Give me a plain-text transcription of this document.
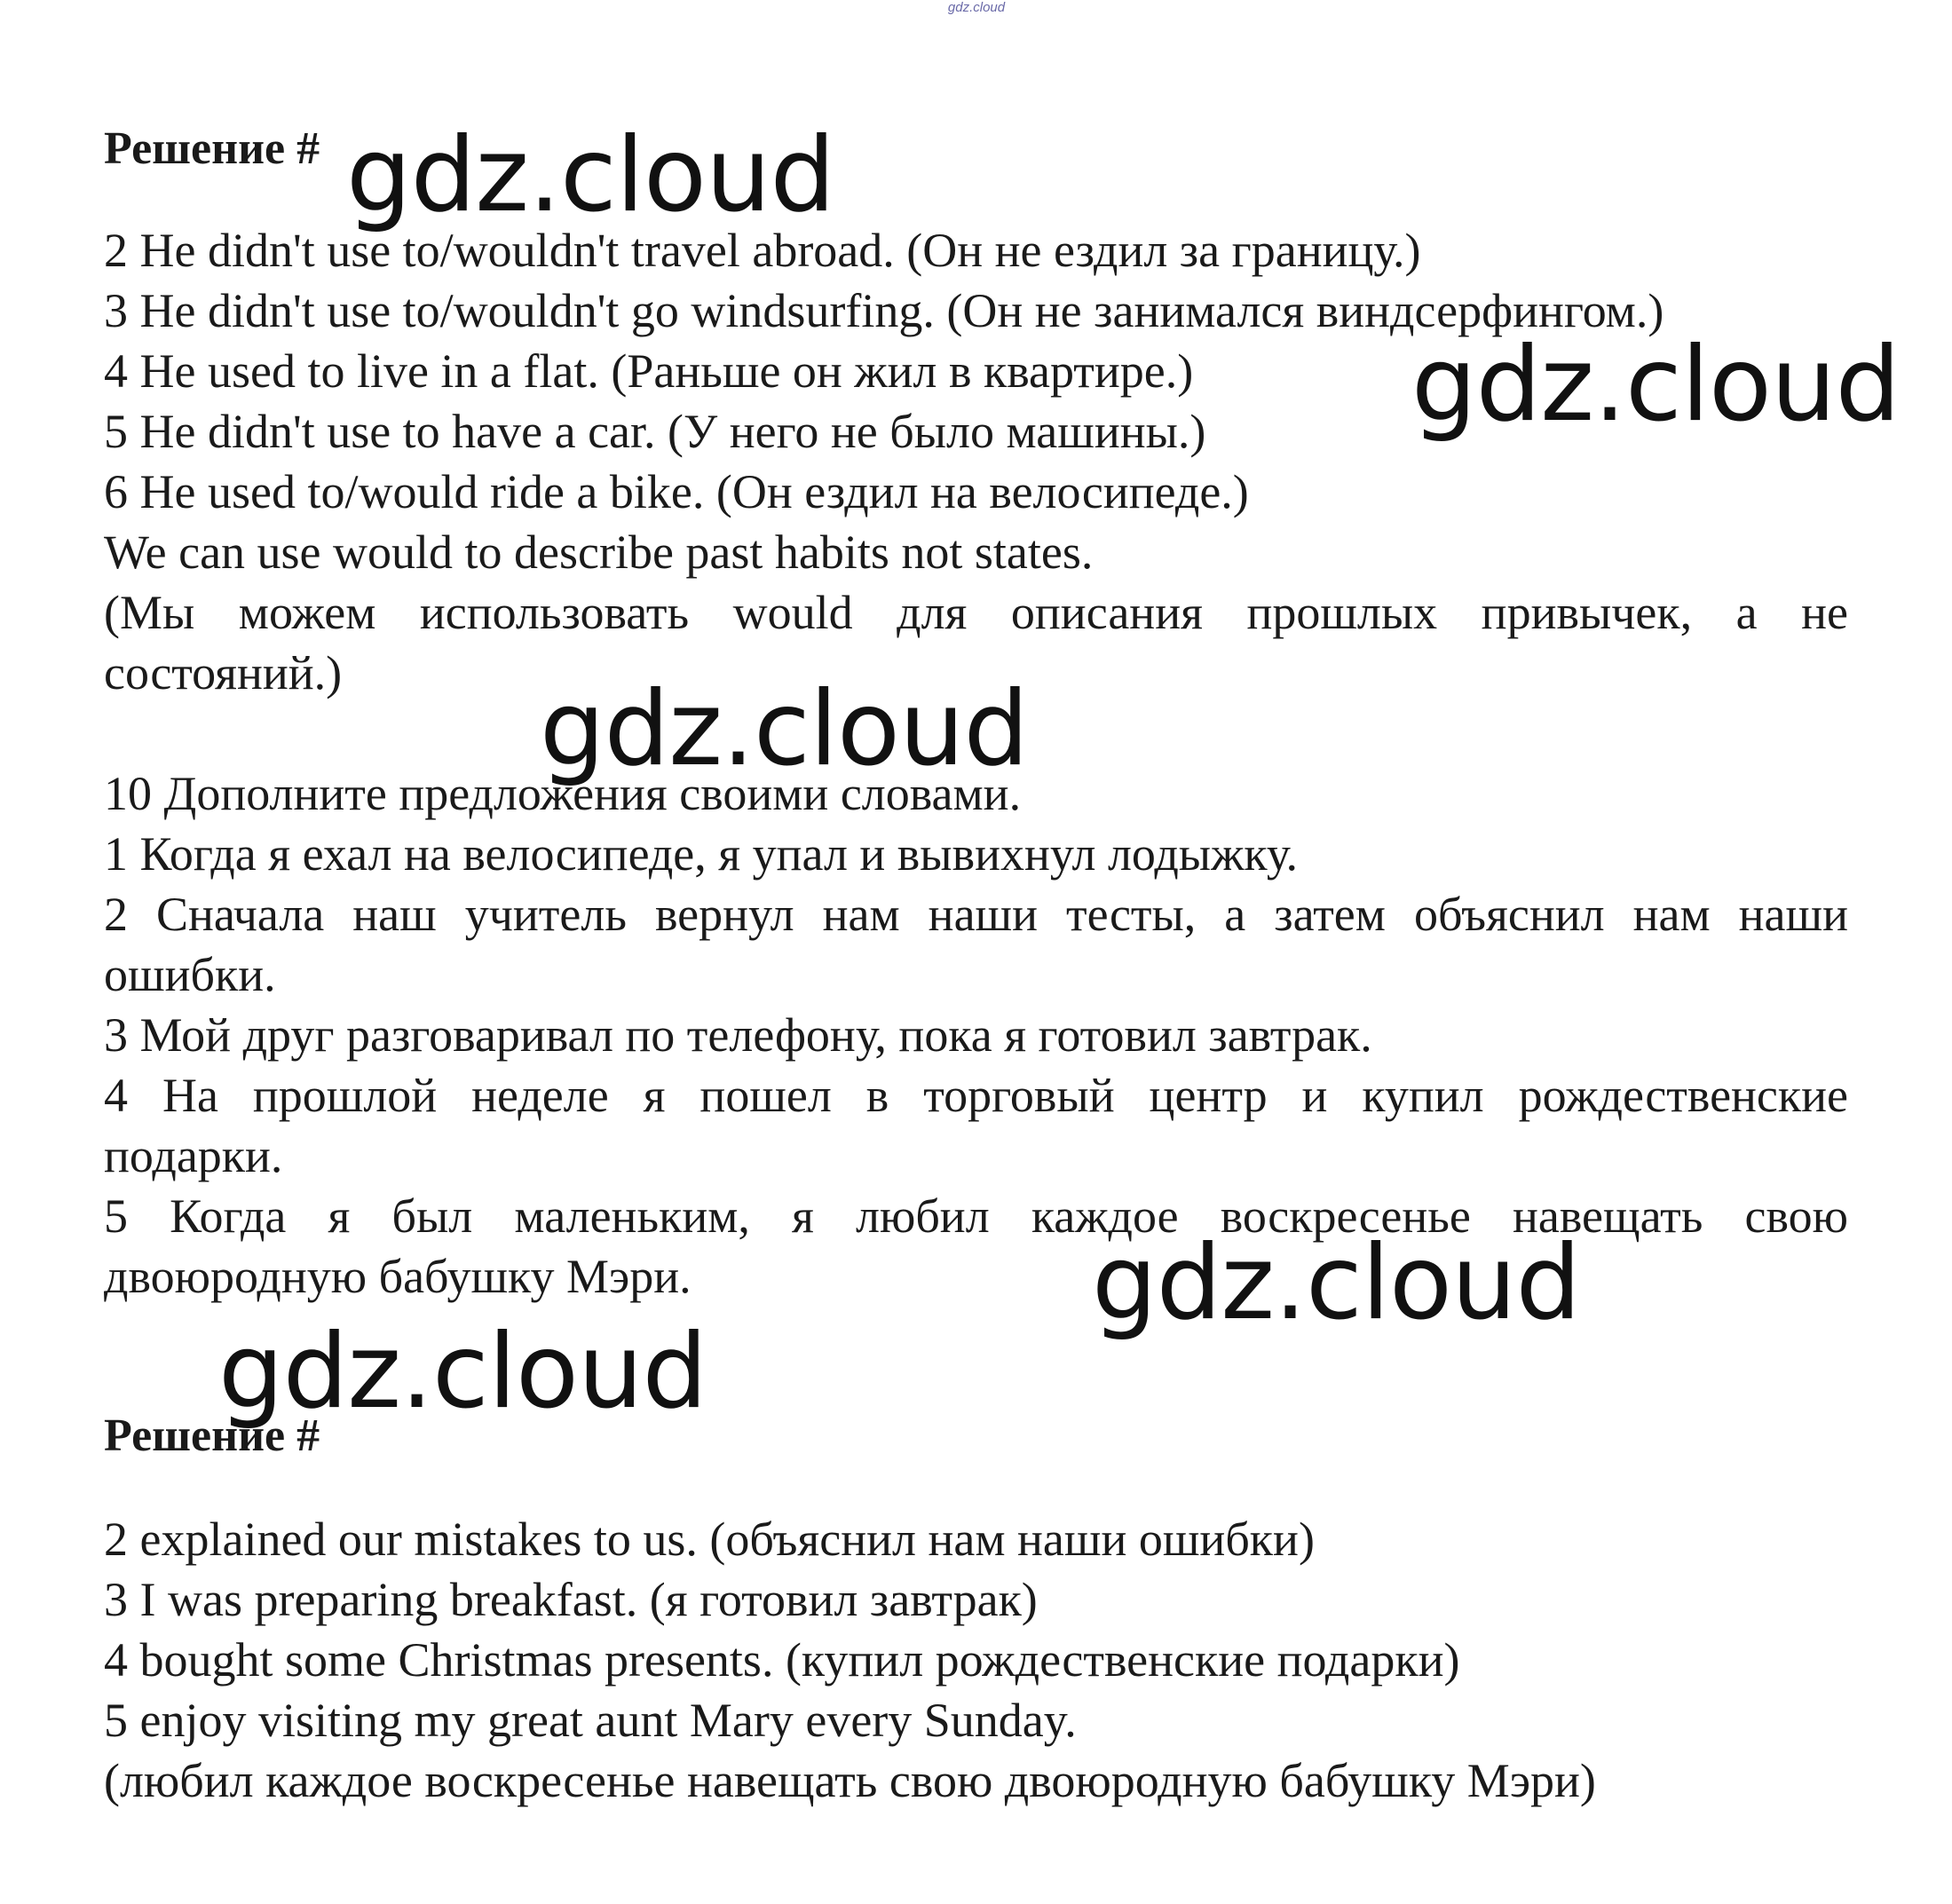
gdz.cloud
Решение #
2 He didn't use to/wouldn't travel abroad. (Он не ездил за границу.)
3 He didn't use to/wouldn't go windsurfing. (Он не занимался виндсерфингом.)
4 He used to live in a flat. (Раньше он жил в квартире.)
5 He didn't use to have a car. (У него не было машины.)
6 He used to/would ride a bike. (Он ездил на велосипеде.)
We can use would to describe past habits not states.
(Мы можем использовать would для описания прошлых привычек, а не
состояний.)
10 Дополните предложения своими словами.
1 Когда я ехал на велосипеде, я упал и вывихнул лодыжку.
2 Сначала наш учитель вернул нам наши тесты, а затем объяснил нам наши
ошибки.
3 Мой друг разговаривал по телефону, пока я готовил завтрак.
4 На прошлой неделе я пошел в торговый центр и купил рождественские
подарки.
5 Когда я был маленьким, я любил каждое воскресенье навещать свою
двоюродную бабушку Мэри.
Решение #
2 explained our mistakes to us. (объяснил нам наши ошибки)
3 I was preparing breakfast. (я готовил завтрак)
4 bought some Christmas presents. (купил рождественские подарки)
5 enjoy visiting my great aunt Mary every Sunday.
(любил каждое воскресенье навещать свою двоюродную бабушку Мэри)
gdz.cloud
gdz.cloud
gdz.cloud
gdz.cloud
gdz.cloud
